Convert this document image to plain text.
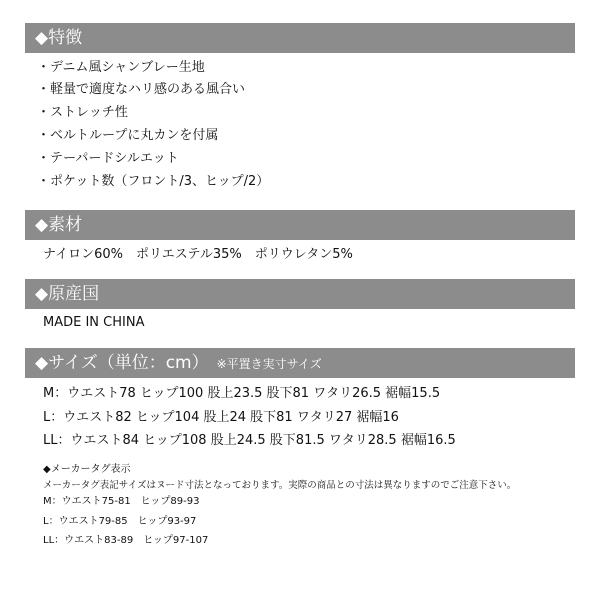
◆特徴
・デニム風シャンブレー生地
・軽量で適度なハリ感のある風合い
・ストレッチ性
・ベルトループに丸カンを付属
・テーパードシルエット
・ポケット数（フロント/3、ヒップ/2）
◆素材
ナイロン60%　ポリエステル35%　ポリウレタン5%
◆原産国
MADE IN CHINA
◆サイズ（単位：cm） ※平置き実寸サイズ
M：ウエスト78 ヒップ100 股上23.5 股下81 ワタリ26.5 裾幅15.5
L：ウエスト82 ヒップ104 股上24 股下81 ワタリ27 裾幅16
LL：ウエスト84 ヒップ108 股上24.5 股下81.5 ワタリ28.5 裾幅16.5
◆メーカータグ表示
メーカータグ表記サイズはヌード寸法となっております。実際の商品との寸法は異なりますのでご注意下さい。
M：ウエスト75-81　ヒップ89-93
L：ウエスト79-85　ヒップ93-97
LL：ウエスト83-89　ヒップ97-107
